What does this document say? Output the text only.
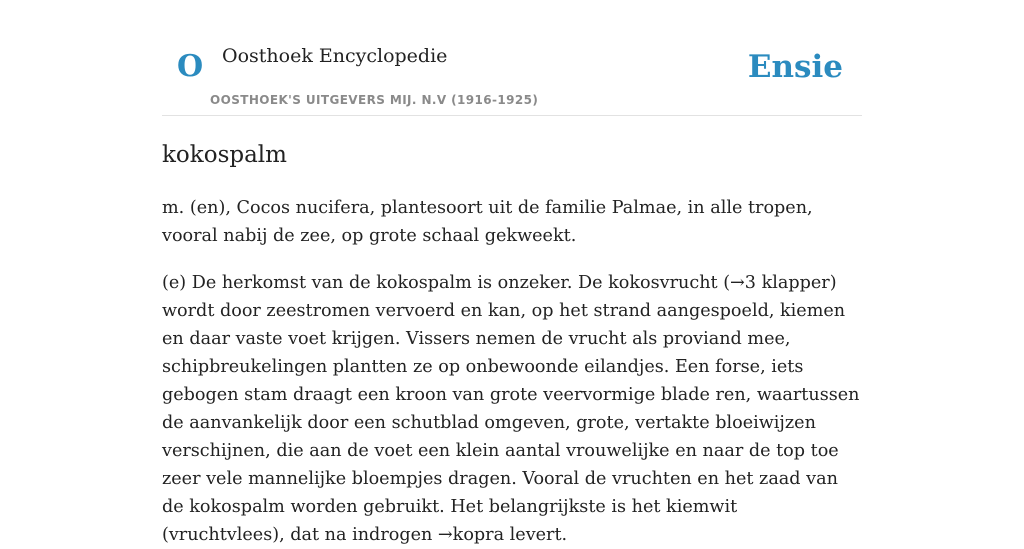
O Oosthoek Encyclopedie
OOSTHOEK'S UITGEVERS MIJ. N.V (1916-1925)
Ensie
kokospalm

m. (en), Cocos nucifera, plantesoort uit de familie Palmae, in alle tropen, vooral nabij de zee, op grote schaal gekweekt.

(e) De herkomst van de kokospalm is onzeker. De kokosvrucht (→3 klapper) wordt door zeestromen vervoerd en kan, op het strand aangespoeld, kiemen en daar vaste voet krijgen. Vissers nemen de vrucht als proviand mee, schipbreukelingen plantten ze op onbewoonde eilandjes. Een forse, iets gebogen stam draagt een kroon van grote veervormige blade ren, waartussen de aanvankelijk door een schutblad omgeven, grote, vertakte bloeiwijzen verschijnen, die aan de voet een klein aantal vrouwelijke en naar de top toe zeer vele mannelijke bloempjes dragen. Vooral de vruchten en het zaad van de kokospalm worden gebruikt. Het belangrijkste is het kiemwit (vruchtvlees), dat na indrogen →kopra levert.
